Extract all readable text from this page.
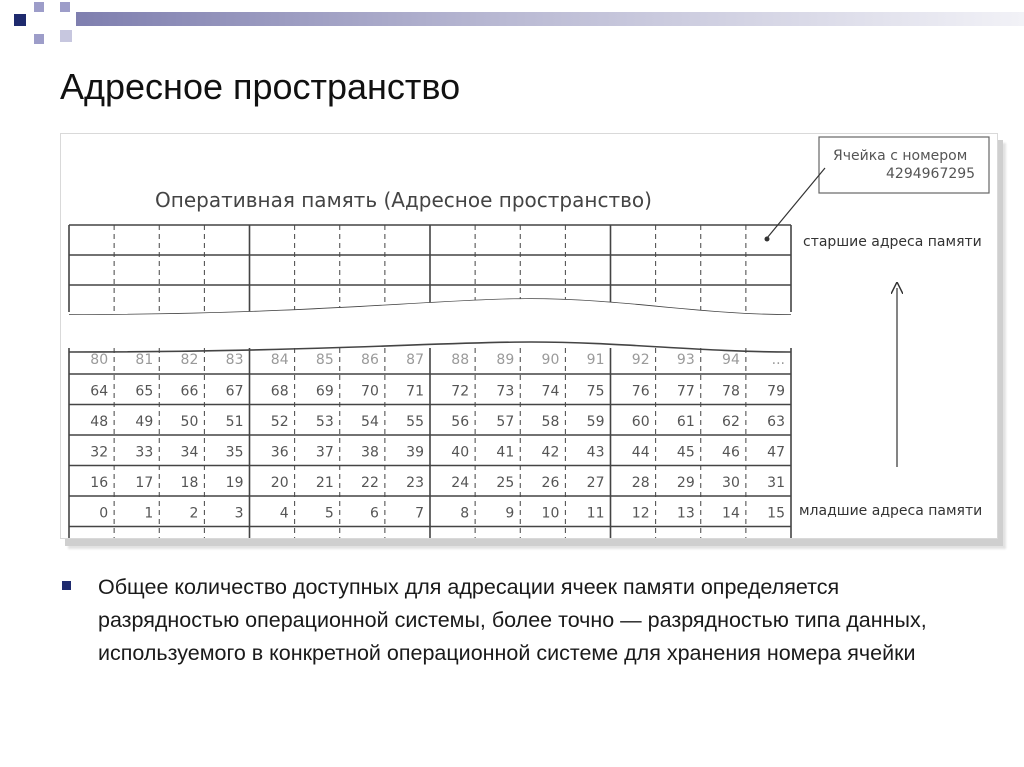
Адресное пространство
Оперативная память (Адресное пространство)
Ячейка с номером
4294967295
старшие адреса памяти
младшие адреса памяти
80 81 82 83 84 85 86 87 88 89 90 91 92 93 94 ...
64 65 66 67 68 69 70 71 72 73 74 75 76 77 78 79
48 49 50 51 52 53 54 55 56 57 58 59 60 61 62 63
32 33 34 35 36 37 38 39 40 41 42 43 44 45 46 47
16 17 18 19 20 21 22 23 24 25 26 27 28 29 30 31
0	1	2	3	4	5	6	7	8	9 10 11 12 13 14 15
Общее количество доступных для адресации ячеек памяти определяется разрядностью операционной системы, более точно — разрядностью типа данных, используемого в конкретной операционной системе для хранения номера ячейки
